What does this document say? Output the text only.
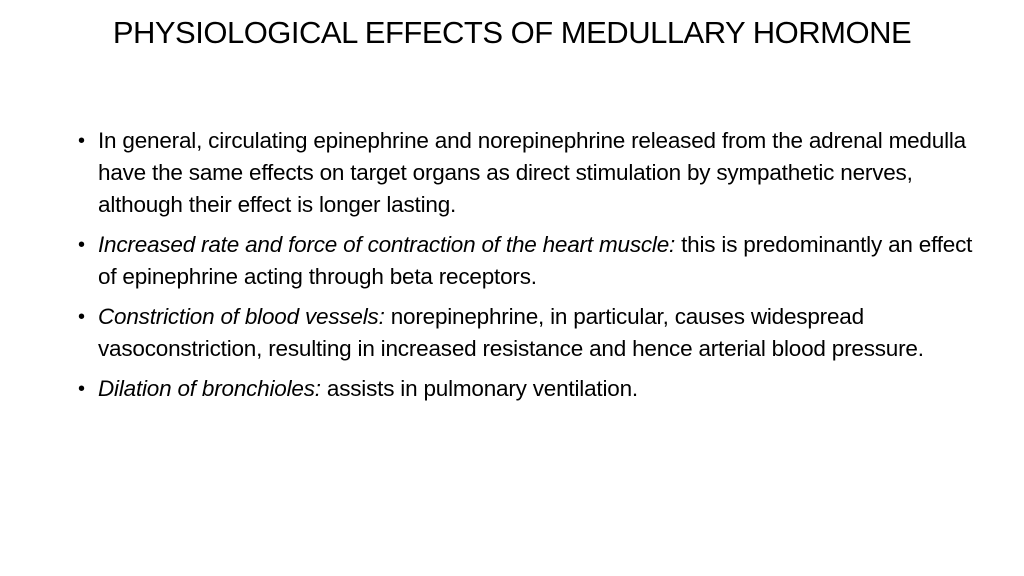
PHYSIOLOGICAL EFFECTS OF MEDULLARY HORMONE
• In general, circulating epinephrine and norepinephrine released from the adrenal medulla have the same effects on target organs as direct stimulation by sympathetic nerves, although their effect is longer lasting.
• Increased rate and force of contraction of the heart muscle: this is predominantly an effect of epinephrine acting through beta receptors.
• Constriction of blood vessels: norepinephrine, in particular, causes widespread vasoconstriction, resulting in increased resistance and hence arterial blood pressure.
• Dilation of bronchioles: assists in pulmonary ventilation.
